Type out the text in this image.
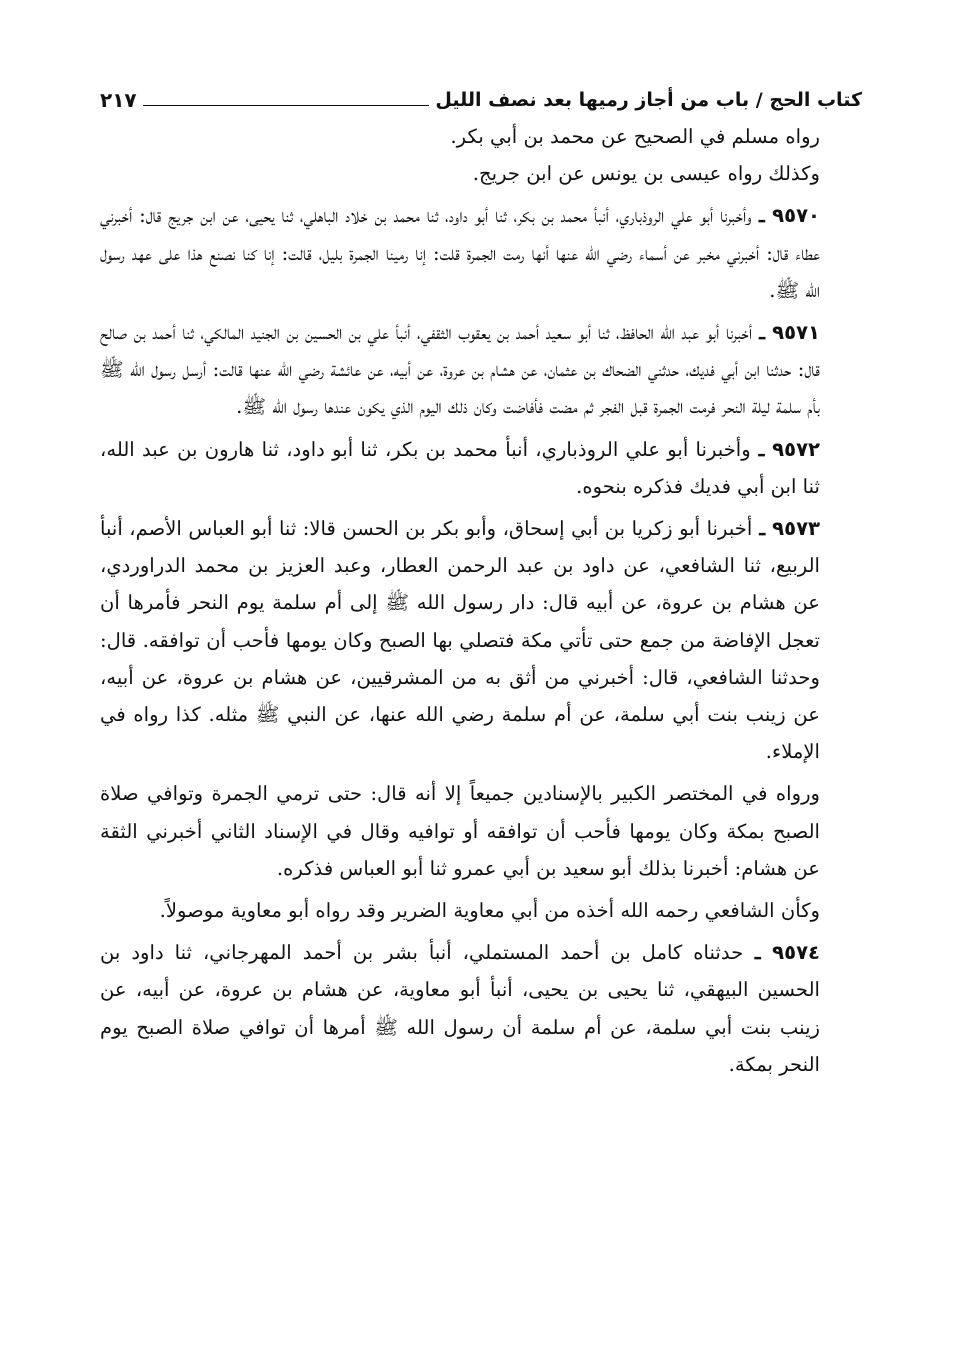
كتاب الحج / باب من أجاز رميها بعد نصف الليل
٢١٧

رواه مسلم في الصحيح عن محمد بن أبي بكر.

وكذلك رواه عيسى بن يونس عن ابن جريج.

٩٥٧٠ ـ وأخبرنا أبو علي الروذباري، أنبأ محمد بن بكر، ثنا أبو داود، ثنا محمد بن خلاد الباهلي، ثنا يحيى، عن ابن جريج قال: أخبرني عطاء قال: أخبرني مخبر عن أسماء رضي الله عنها أنها رمت الجمرة قلت: إنا رمينا الجمرة بليل، قالت: إنا كنا نصنع هذا على عهد رسول الله ﷺ.

٩٥٧١ ـ أخبرنا أبو عبد الله الحافظ، ثنا أبو سعيد أحمد بن يعقوب الثقفي، أنبأ علي بن الحسين بن الجنيد المالكي، ثنا أحمد بن صالح قال: حدثنا ابن أبي فديك، حدثني الضحاك بن عثمان، عن هشام بن عروة، عن أبيه، عن عائشة رضي الله عنها قالت: أرسل رسول الله ﷺ بأم سلمة ليلة النحر فرمت الجمرة قبل الفجر ثم مضت فأفاضت وكان ذلك اليوم الذي يكون عندها رسول الله ﷺ.

٩٥٧٢ ـ وأخبرنا أبو علي الروذباري، أنبأ محمد بن بكر، ثنا أبو داود، ثنا هارون بن عبد الله، ثنا ابن أبي فديك فذكره بنحوه.

٩٥٧٣ ـ أخبرنا أبو زكريا بن أبي إسحاق، وأبو بكر بن الحسن قالا: ثنا أبو العباس الأصم، أنبأ الربيع، ثنا الشافعي، عن داود بن عبد الرحمن العطار، وعبد العزيز بن محمد الدراوردي، عن هشام بن عروة، عن أبيه قال: دار رسول الله ﷺ إلى أم سلمة يوم النحر فأمرها أن تعجل الإفاضة من جمع حتى تأتي مكة فتصلي بها الصبح وكان يومها فأحب أن توافقه. قال: وحدثنا الشافعي، قال: أخبرني من أثق به من المشرقيين، عن هشام بن عروة، عن أبيه، عن زينب بنت أبي سلمة، عن أم سلمة رضي الله عنها، عن النبي ﷺ مثله. كذا رواه في الإملاء.

ورواه في المختصر الكبير بالإسنادين جميعاً إلا أنه قال: حتى ترمي الجمرة وتوافي صلاة الصبح بمكة وكان يومها فأحب أن توافقه أو توافيه وقال في الإسناد الثاني أخبرني الثقة عن هشام: أخبرنا بذلك أبو سعيد بن أبي عمرو ثنا أبو العباس فذكره.

وكأن الشافعي رحمه الله أخذه من أبي معاوية الضرير وقد رواه أبو معاوية موصولاً.

٩٥٧٤ ـ حدثناه كامل بن أحمد المستملي، أنبأ بشر بن أحمد المهرجاني، ثنا داود بن الحسين البيهقي، ثنا يحيى بن يحيى، أنبأ أبو معاوية، عن هشام بن عروة، عن أبيه، عن زينب بنت أبي سلمة، عن أم سلمة أن رسول الله ﷺ أمرها أن توافي صلاة الصبح يوم النحر بمكة.
